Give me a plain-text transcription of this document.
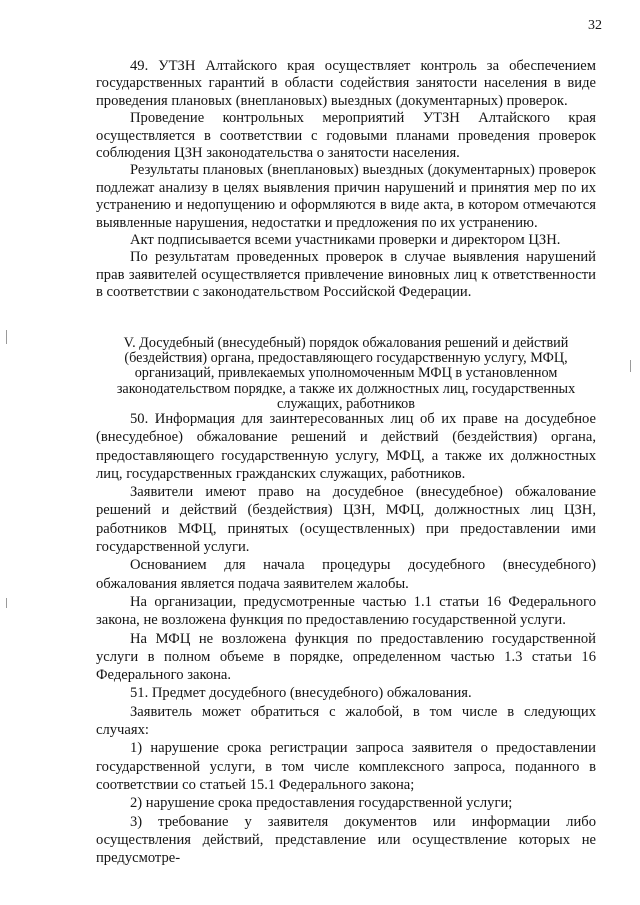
32

49. УТЗН Алтайского края осуществляет контроль за обеспечением государственных гарантий в области содействия занятости населения в виде проведения плановых (внеплановых) выездных (документарных) проверок.

Проведение контрольных мероприятий УТЗН Алтайского края осуществляется в соответствии с годовыми планами проведения проверок соблюдения ЦЗН законодательства о занятости населения.

Результаты плановых (внеплановых) выездных (документарных) проверок подлежат анализу в целях выявления причин нарушений и принятия мер по их устранению и недопущению и оформляются в виде акта, в котором отмечаются выявленные нарушения, недостатки и предложения по их устранению.

Акт подписывается всеми участниками проверки и директором ЦЗН.

По результатам проведенных проверок в случае выявления нарушений прав заявителей осуществляется привлечение виновных лиц к ответственности в соответствии с законодательством Российской Федерации.

V. Досудебный (внесудебный) порядок обжалования решений и действий (бездействия) органа, предоставляющего государственную услугу, МФЦ, организаций, привлекаемых уполномоченным МФЦ в установленном законодательством порядке, а также их должностных лиц, государственных служащих, работников

50. Информация для заинтересованных лиц об их праве на досудебное (внесудебное) обжалование решений и действий (бездействия) органа, предоставляющего государственную услугу, МФЦ, а также их должностных лиц, государственных гражданских служащих, работников.

Заявители имеют право на досудебное (внесудебное) обжалование решений и действий (бездействия) ЦЗН, МФЦ, должностных лиц ЦЗН, работников МФЦ, принятых (осуществленных) при предоставлении ими государственной услуги.

Основанием для начала процедуры досудебного (внесудебного) обжалования является подача заявителем жалобы.

На организации, предусмотренные частью 1.1 статьи 16 Федерального закона, не возложена функция по предоставлению государственной услуги.

На МФЦ не возложена функция по предоставлению государственной услуги в полном объеме в порядке, определенном частью 1.3 статьи 16 Федерального закона.

51. Предмет досудебного (внесудебного) обжалования.

Заявитель может обратиться с жалобой, в том числе в следующих случаях:

1) нарушение срока регистрации запроса заявителя о предоставлении государственной услуги, в том числе комплексного запроса, поданного в соответствии со статьей 15.1 Федерального закона;

2) нарушение срока предоставления государственной услуги;

3) требование у заявителя документов или информации либо осуществления действий, представление или осуществление которых не предусмотре-
